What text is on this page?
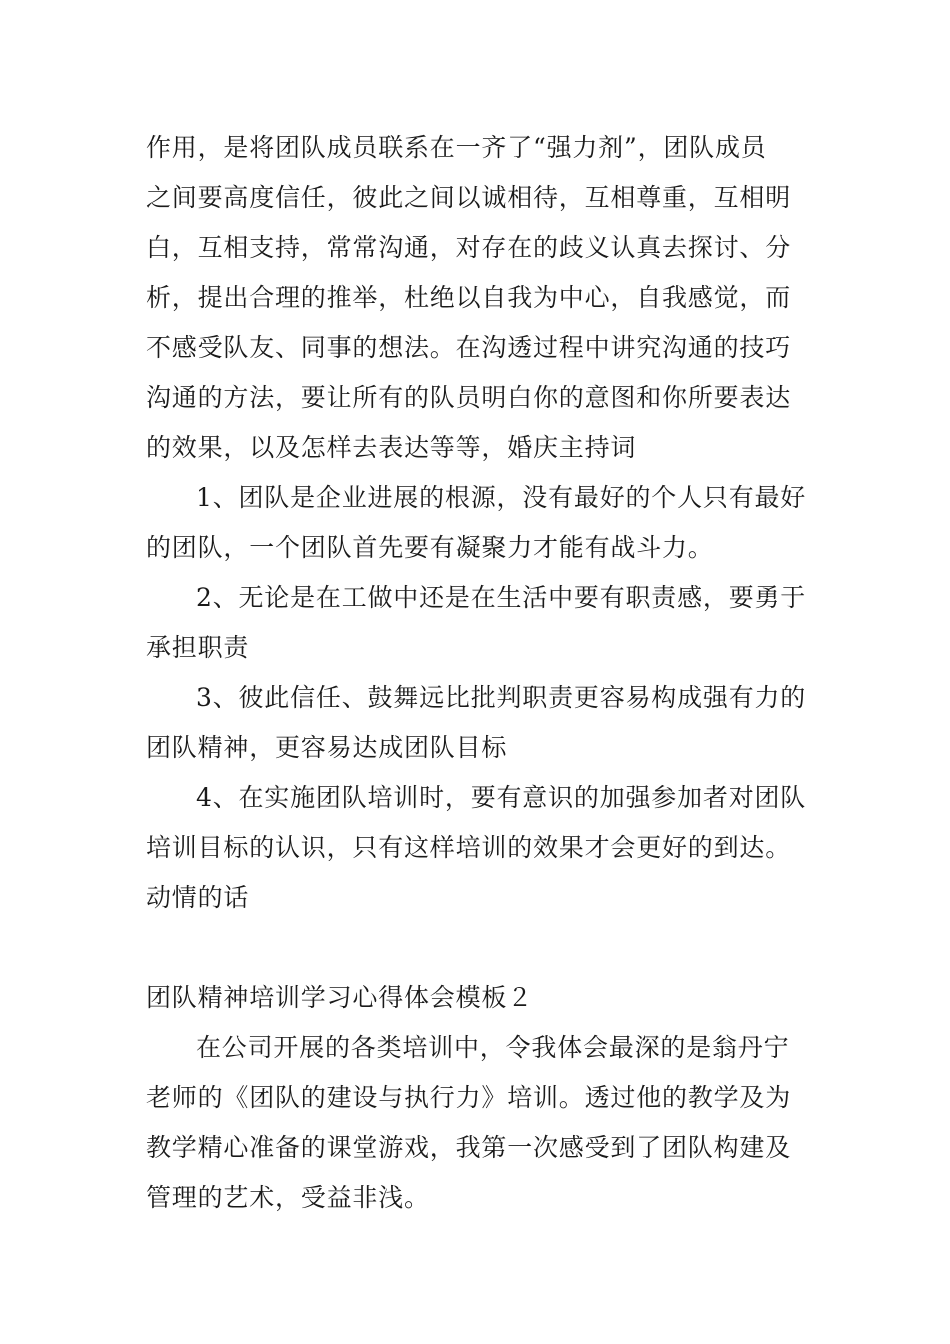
作用，是将团队成员联系在一齐了“强力剂”，团队成员
之间要高度信任，彼此之间以诚相待，互相尊重，互相明
白，互相支持，常常沟通，对存在的歧义认真去探讨、分
析，提出合理的推举，杜绝以自我为中心，自我感觉，而
不感受队友、同事的想法。在沟透过程中讲究沟通的技巧
沟通的方法，要让所有的队员明白你的意图和你所要表达
的效果，以及怎样去表达等等，婚庆主持词
1、团队是企业进展的根源，没有最好的个人只有最好
的团队，一个团队首先要有凝聚力才能有战斗力。
2、无论是在工做中还是在生活中要有职责感，要勇于
承担职责
3、彼此信任、鼓舞远比批判职责更容易构成强有力的
团队精神，更容易达成团队目标
4、在实施团队培训时，要有意识的加强参加者对团队
培训目标的认识，只有这样培训的效果才会更好的到达。
动情的话
团队精神培训学习心得体会模板２
在公司开展的各类培训中，令我体会最深的是翁丹宁
老师的《团队的建设与执行力》培训。透过他的教学及为
教学精心准备的课堂游戏，我第一次感受到了团队构建及
管理的艺术，受益非浅。
